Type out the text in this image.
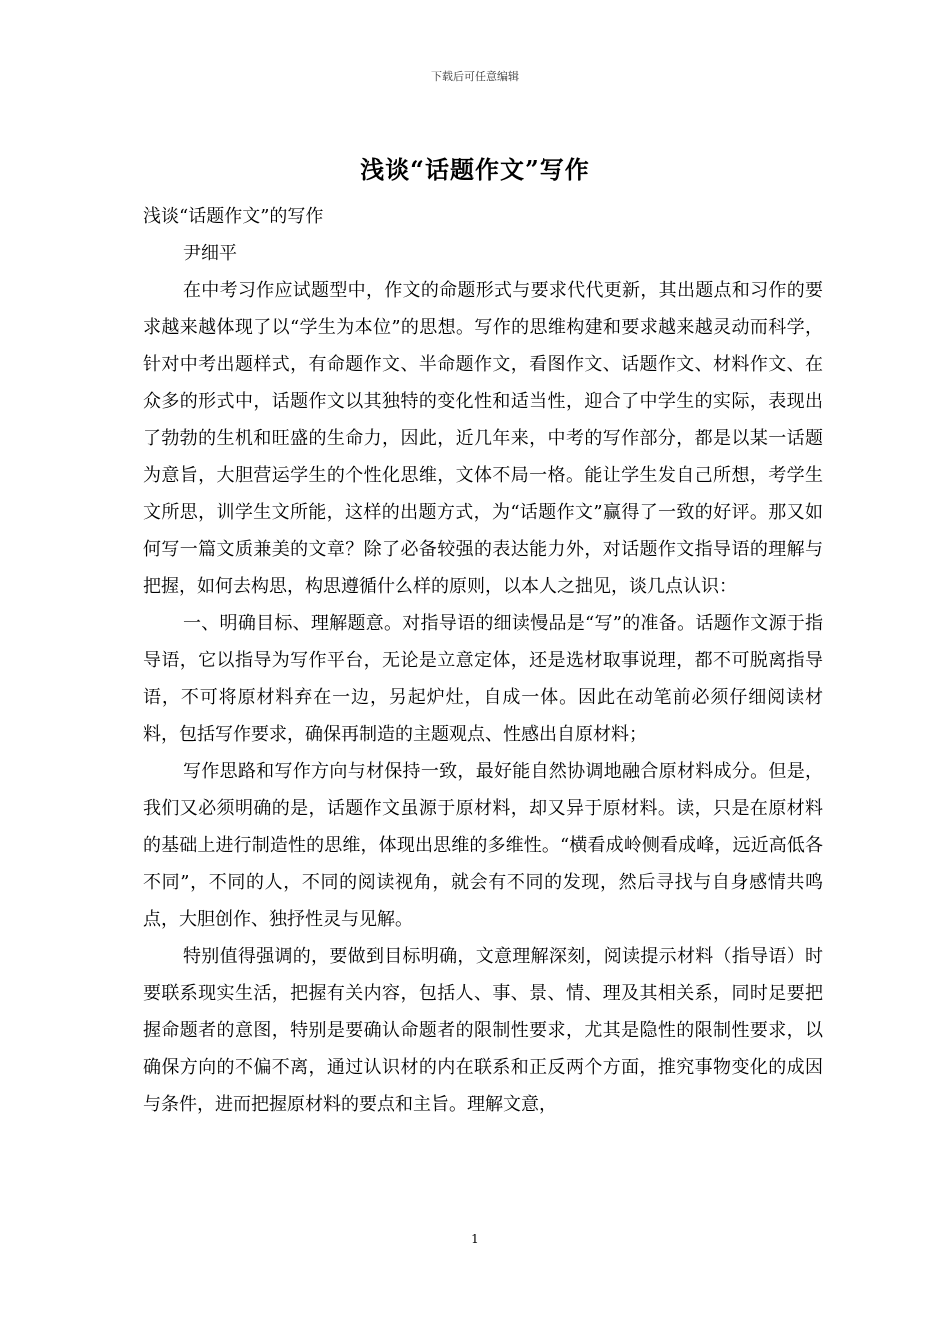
下载后可任意编辑
浅谈“话题作文”写作

浅谈“话题作文”的写作

尹细平

在中考习作应试题型中，作文的命题形式与要求代代更新，其出题点和习作的要求越来越体现了以“学生为本位”的思想。写作的思维构建和要求越来越灵动而科学，针对中考出题样式，有命题作文、半命题作文，看图作文、话题作文、材料作文、在众多的形式中，话题作文以其独特的变化性和适当性，迎合了中学生的实际，表现出了勃勃的生机和旺盛的生命力，因此，近几年来，中考的写作部分，都是以某一话题为意旨，大胆营运学生的个性化思维，文体不局一格。能让学生发自己所想，考学生文所思，训学生文所能，这样的出题方式，为“话题作文”赢得了一致的好评。那又如何写一篇文质兼美的文章？除了必备较强的表达能力外，对话题作文指导语的理解与把握，如何去构思，构思遵循什么样的原则，以本人之拙见，谈几点认识：

一、明确目标、理解题意。对指导语的细读慢品是“写”的准备。话题作文源于指导语，它以指导为写作平台，无论是立意定体，还是选材取事说理，都不可脱离指导语，不可将原材料弃在一边，另起炉灶，自成一体。因此在动笔前必须仔细阅读材料，包括写作要求，确保再制造的主题观点、性感出自原材料；

写作思路和写作方向与材保持一致，最好能自然协调地融合原材料成分。但是，我们又必须明确的是，话题作文虽源于原材料，却又异于原材料。读，只是在原材料的基础上进行制造性的思维，体现出思维的多维性。“横看成岭侧看成峰，远近高低各不同”，不同的人，不同的阅读视角，就会有不同的发现，然后寻找与自身感情共鸣点，大胆创作、独抒性灵与见解。

特别值得强调的，要做到目标明确，文意理解深刻，阅读提示材料（指导语）时要联系现实生活，把握有关内容，包括人、事、景、情、理及其相关系，同时足要把握命题者的意图，特别是要确认命题者的限制性要求，尤其是隐性的限制性要求，以确保方向的不偏不离，通过认识材的内在联系和正反两个方面，推究事物变化的成因与条件，进而把握原材料的要点和主旨。理解文意，

1
